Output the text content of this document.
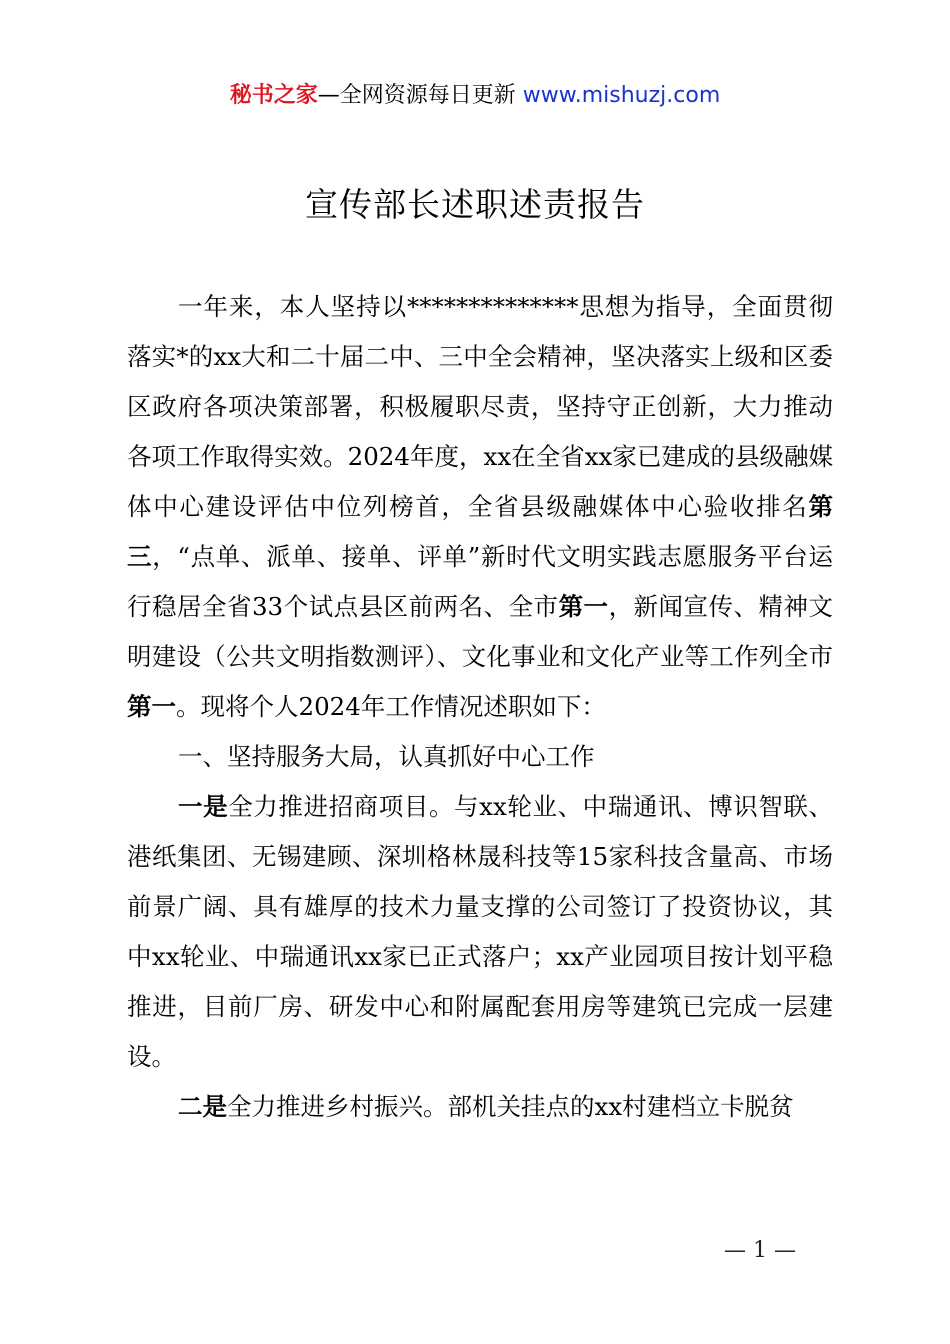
秘书之家—全网资源每日更新 www.mishuzj.com
宣传部长述职述责报告

一年来，本人坚持以**************思想为指导，全面贯彻落实*的xx大和二十届二中、三中全会精神，坚决落实上级和区委区政府各项决策部署，积极履职尽责，坚持守正创新，大力推动各项工作取得实效。2024年度，xx在全省xx家已建成的县级融媒体中心建设评估中位列榜首，全省县级融媒体中心验收排名第三，“点单、派单、接单、评单”新时代文明实践志愿服务平台运行稳居全省33个试点县区前两名、全市第一，新闻宣传、精神文明建设（公共文明指数测评）、文化事业和文化产业等工作列全市第一。现将个人2024年工作情况述职如下：

一、坚持服务大局，认真抓好中心工作

一是全力推进招商项目。与xx轮业、中瑞通讯、博识智联、港纸集团、无锡建顾、深圳格林晟科技等15家科技含量高、市场前景广阔、具有雄厚的技术力量支撑的公司签订了投资协议，其中xx轮业、中瑞通讯xx家已正式落户；xx产业园项目按计划平稳推进，目前厂房、研发中心和附属配套用房等建筑已完成一层建设。

二是全力推进乡村振兴。部机关挂点的xx村建档立卡脱贫

— 1 —
